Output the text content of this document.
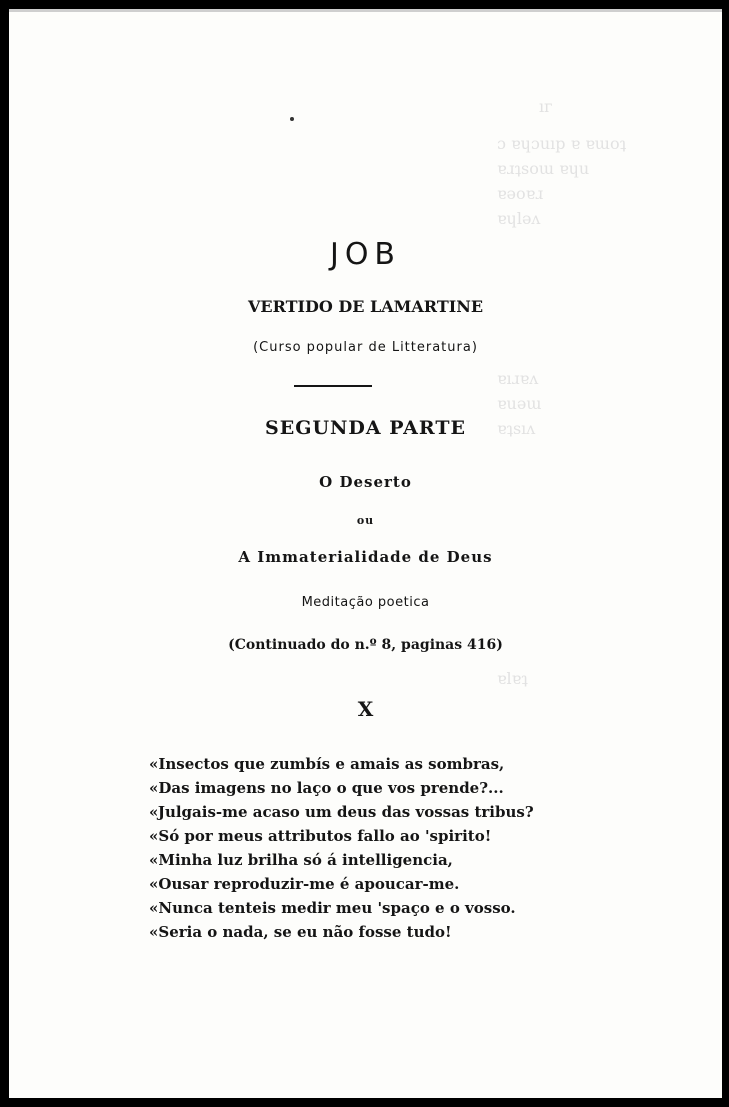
ıᴦ
ɔ ɐɥɔuıp ɐ ɐɯoʇ
ɐɹʇsoɯ ɐɥu
ɐǝoɐɹ
ɐɥlǝʌ
ɐıɹɐʌ
ɐuǝɯ
ɐʇsıʌ
ɐlɐʇ
JOB
VERTIDO DE LAMARTINE
(Curso popular de Litteratura)
SEGUNDA PARTE
O Deserto
ou
A Immaterialidade de Deus
Meditação poetica
(Continuado do n.º 8, paginas 416)
X
«Insectos que zumbís e amais as sombras,
«Das imagens no laço o que vos prende?...
«Julgais-me acaso um deus das vossas tribus?
«Só por meus attributos fallo ao 'spirito!
«Minha luz brilha só á intelligencia,
«Ousar reproduzir-me é apoucar-me.
«Nunca tenteis medir meu 'spaço e o vosso.
«Seria o nada, se eu não fosse tudo!
